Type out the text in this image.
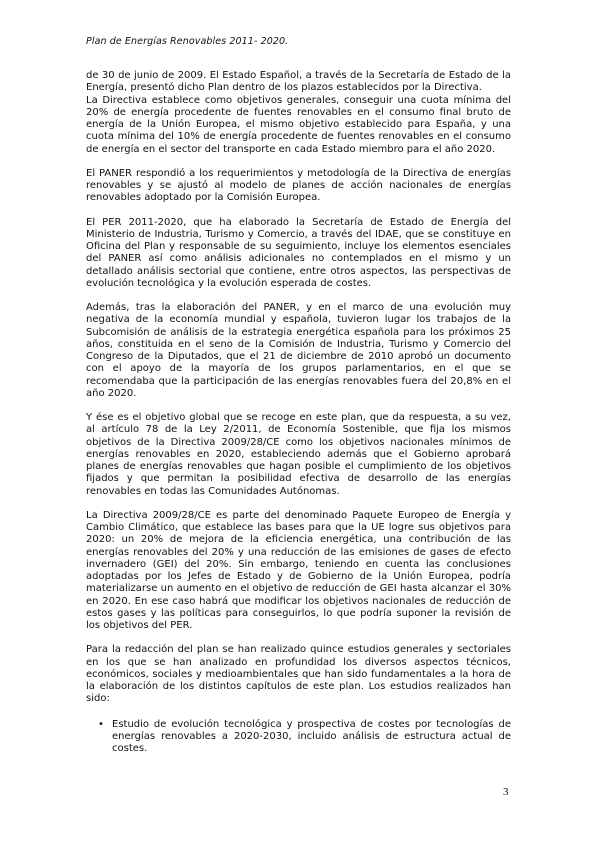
Plan de Energías Renovables 2011- 2020.

de 30 de junio de 2009. El Estado Español, a través de la Secretaría de Estado de la Energía, presentó dicho Plan dentro de los plazos establecidos por la Directiva.

La Directiva establece como objetivos generales, conseguir una cuota mínima del 20% de energía procedente de fuentes renovables en el consumo final bruto de energía de la Unión Europea, el mismo objetivo establecido para España, y una cuota mínima del 10% de energía procedente de fuentes renovables en el consumo de energía en el sector del transporte en cada Estado miembro para el año 2020.

El PANER respondió a los requerimientos y metodología de la Directiva de energías renovables y se ajustó al modelo de planes de acción nacionales de energías renovables adoptado por la Comisión Europea.

El PER 2011-2020, que ha elaborado la Secretaría de Estado de Energía del Ministerio de Industria, Turismo y Comercio, a través del IDAE, que se constituye en Oficina del Plan y responsable de su seguimiento, incluye los elementos esenciales del PANER así como análisis adicionales no contemplados en el mismo y un detallado análisis sectorial que contiene, entre otros aspectos, las perspectivas de evolución tecnológica y la evolución esperada de costes.

Además, tras la elaboración del PANER, y en el marco de una evolución muy negativa de la economía mundial y española, tuvieron lugar los trabajos de la Subcomisión de análisis de la estrategia energética española para los próximos 25 años, constituida en el seno de la Comisión de Industria, Turismo y Comercio del Congreso de la Diputados, que el 21 de diciembre de 2010 aprobó un documento con el apoyo de la mayoría de los grupos parlamentarios, en el que se recomendaba que la participación de las energías renovables fuera del 20,8% en el año 2020.

Y ése es el objetivo global que se recoge en este plan, que da respuesta, a su vez, al artículo 78 de la Ley 2/2011, de Economía Sostenible, que fija los mismos objetivos de la Directiva 2009/28/CE como los objetivos nacionales mínimos de energías renovables en 2020, estableciendo además que el Gobierno aprobará planes de energías renovables que hagan posible el cumplimiento de los objetivos fijados y que permitan la posibilidad efectiva de desarrollo de las energías renovables en todas las Comunidades Autónomas.

La Directiva 2009/28/CE es parte del denominado Paquete Europeo de Energía y Cambio Climático, que establece las bases para que la UE logre sus objetivos para 2020: un 20% de mejora de la eficiencia energética, una contribución de las energías renovables del 20% y una reducción de las emisiones de gases de efecto invernadero (GEI) del 20%. Sin embargo, teniendo en cuenta las conclusiones adoptadas por los Jefes de Estado y de Gobierno de la Unión Europea, podría materializarse un aumento en el objetivo de reducción de GEI hasta alcanzar el 30% en 2020. En ese caso habrá que modificar los objetivos nacionales de reducción de estos gases y las políticas para conseguirlos, lo que podría suponer la revisión de los objetivos del PER.

Para la redacción del plan se han realizado quince estudios generales y sectoriales en los que se han analizado en profundidad los diversos aspectos técnicos, económicos, sociales y medioambientales que han sido fundamentales a la hora de la elaboración de los distintos capítulos de este plan. Los estudios realizados han sido:

• Estudio de evolución tecnológica y prospectiva de costes por tecnologías de energías renovables a 2020-2030, incluido análisis de estructura actual de costes.
3
